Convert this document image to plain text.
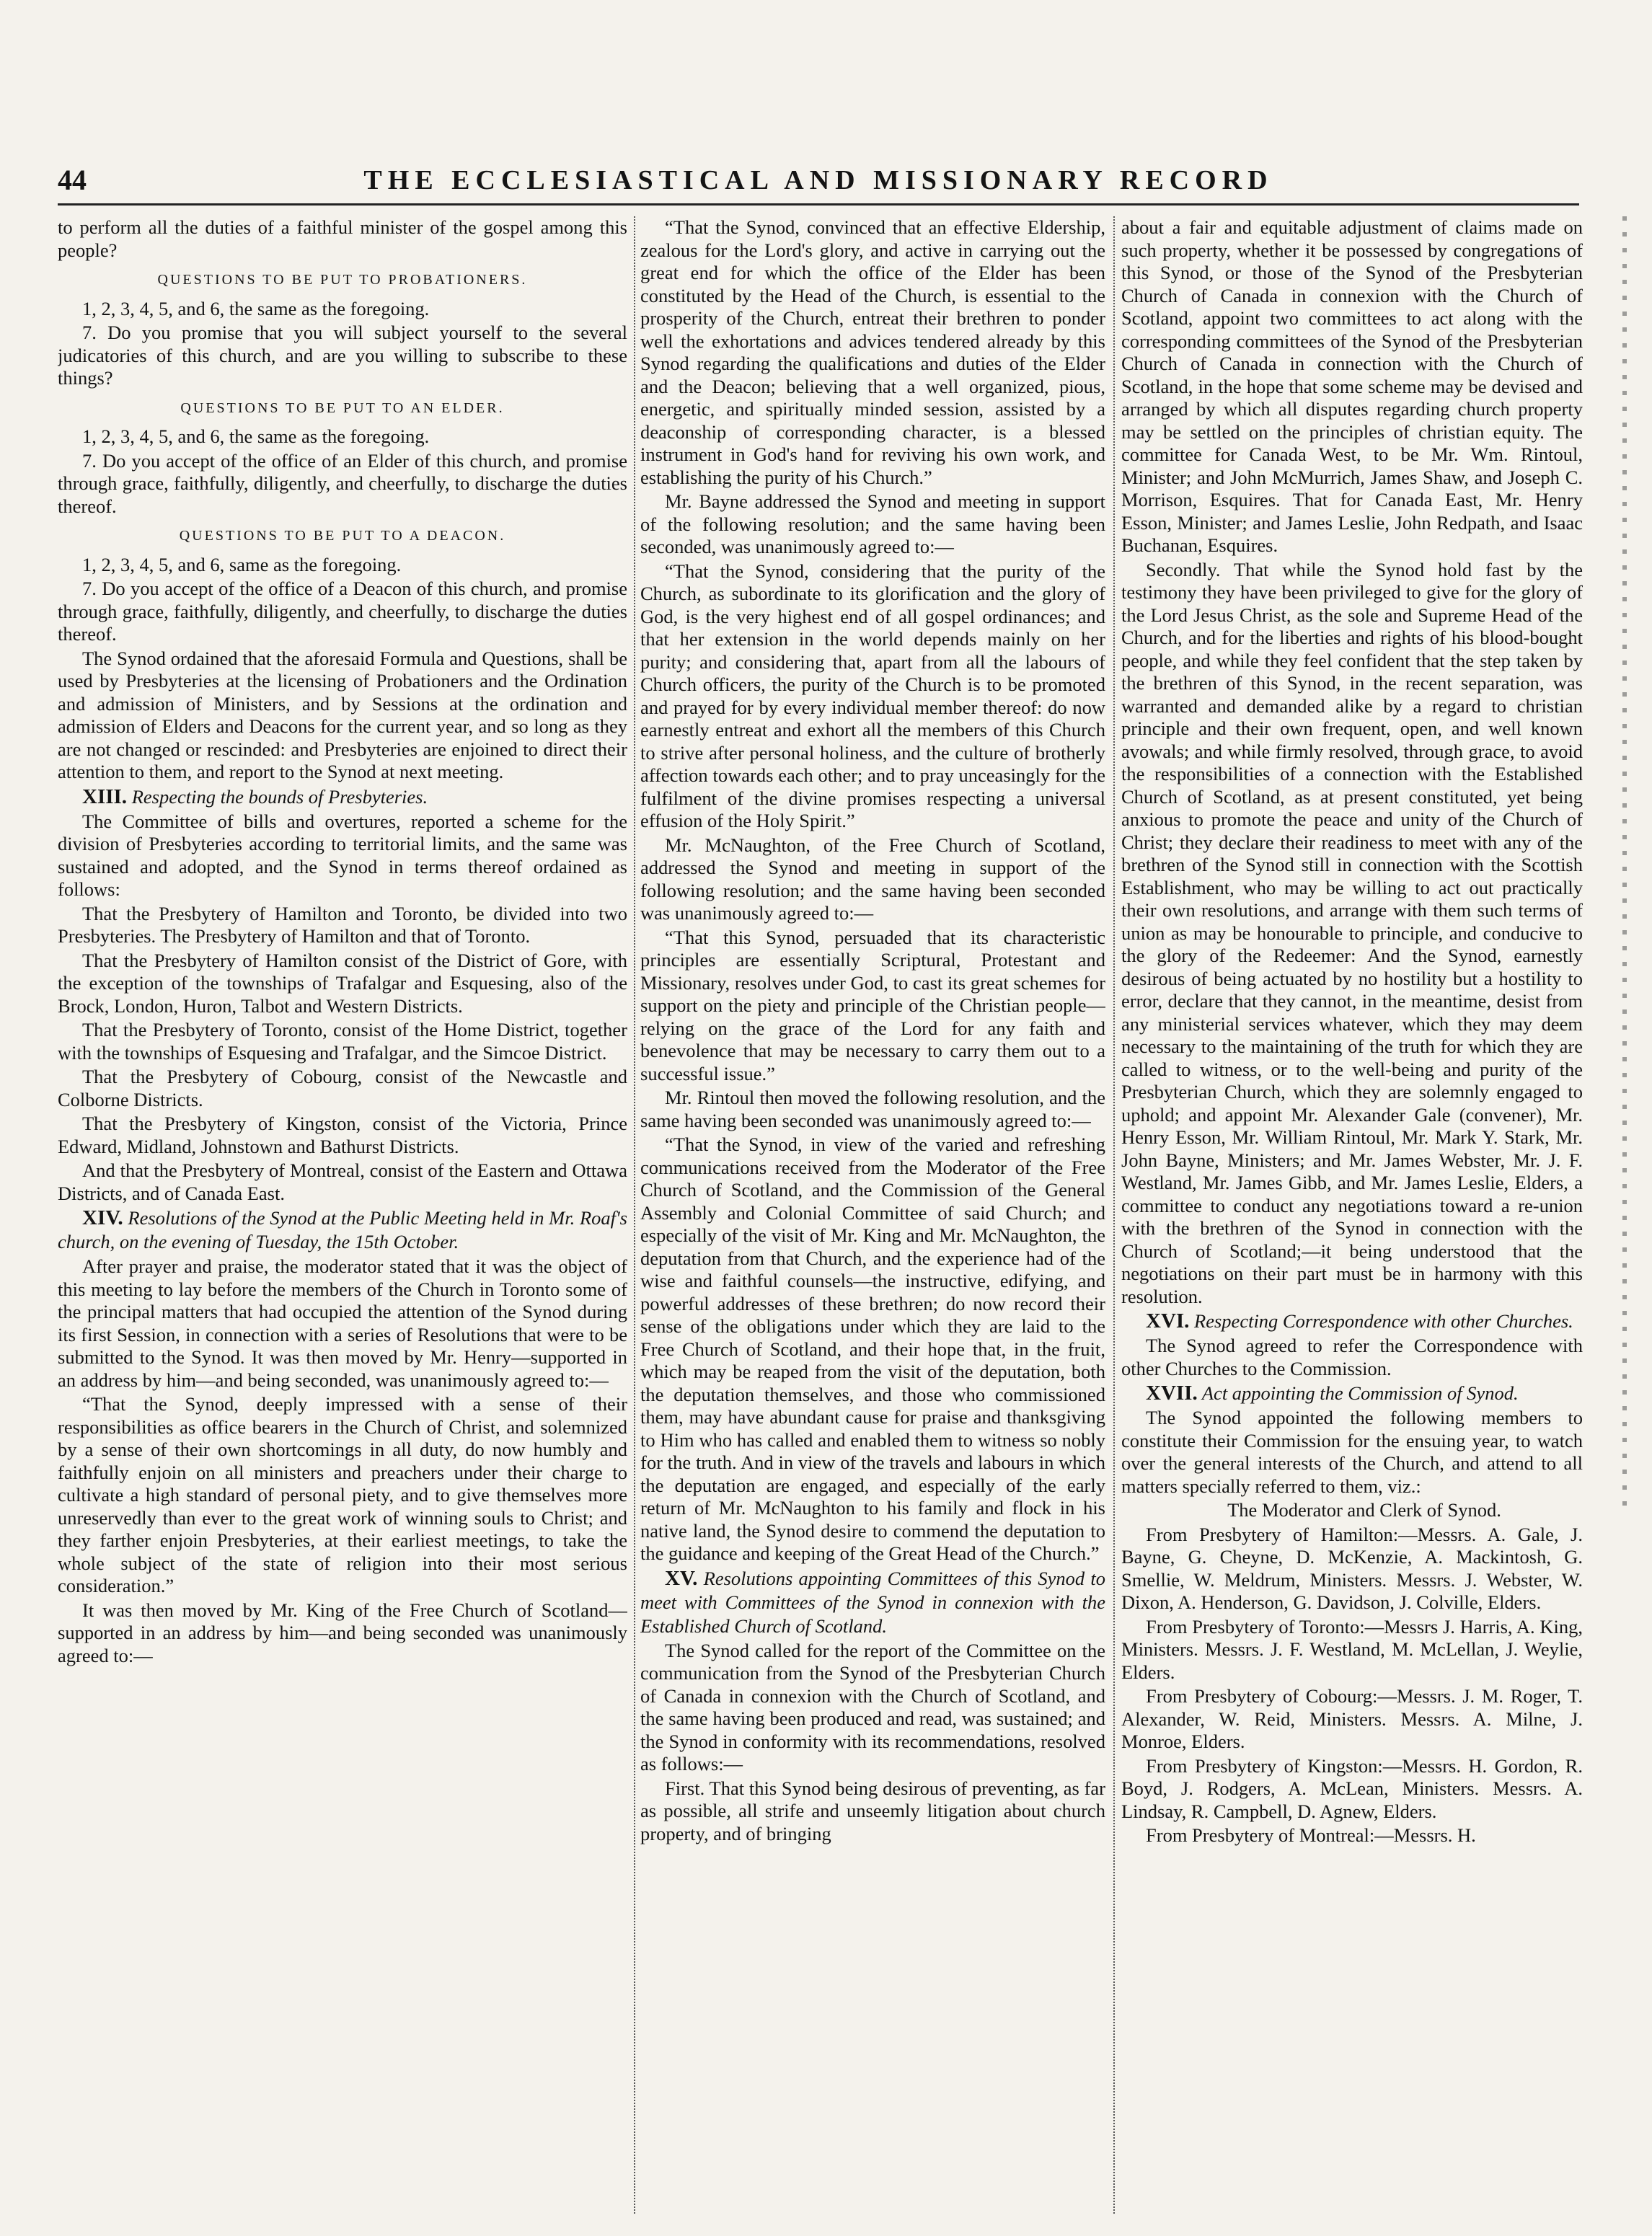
44	THE ECCLESIASTICAL AND MISSIONARY RECORD

to perform all the duties of a faithful minister of the gospel among this people?

QUESTIONS TO BE PUT TO PROBATIONERS.

1, 2, 3, 4, 5, and 6, the same as the foregoing.

7. Do you promise that you will subject yourself to the several judicatories of this church, and are you willing to subscribe to these things?

QUESTIONS TO BE PUT TO AN ELDER.

1, 2, 3, 4, 5, and 6, the same as the foregoing.

7. Do you accept of the office of an Elder of this church, and promise through grace, faithfully, diligently, and cheerfully, to discharge the duties thereof.

QUESTIONS TO BE PUT TO A DEACON.

1, 2, 3, 4, 5, and 6, same as the foregoing.

7. Do you accept of the office of a Deacon of this church, and promise through grace, faithfully, diligently, and cheerfully, to discharge the duties thereof.

The Synod ordained that the aforesaid Formula and Questions, shall be used by Presbyteries at the licensing of Probationers and the Ordination and admission of Ministers, and by Sessions at the ordination and admission of Elders and Deacons for the current year, and so long as they are not changed or rescinded: and Presbyteries are enjoined to direct their attention to them, and report to the Synod at next meeting.

XIII. Respecting the bounds of Presbyteries.

The Committee of bills and overtures, reported a scheme for the division of Presbyteries according to territorial limits, and the same was sustained and adopted, and the Synod in terms thereof ordained as follows:

That the Presbytery of Hamilton and Toronto, be divided into two Presbyteries. The Presbytery of Hamilton and that of Toronto.

That the Presbytery of Hamilton consist of the District of Gore, with the exception of the townships of Trafalgar and Esquesing, also of the Brock, London, Huron, Talbot and Western Districts.

That the Presbytery of Toronto, consist of the Home District, together with the townships of Esquesing and Trafalgar, and the Simcoe District.

That the Presbytery of Cobourg, consist of the Newcastle and Colborne Districts.

That the Presbytery of Kingston, consist of the Victoria, Prince Edward, Midland, Johnstown and Bathurst Districts.

And that the Presbytery of Montreal, consist of the Eastern and Ottawa Districts, and of Canada East.

XIV. Resolutions of the Synod at the Public Meeting held in Mr. Roaf's church, on the evening of Tuesday, the 15th October.

After prayer and praise, the moderator stated that it was the object of this meeting to lay before the members of the Church in Toronto some of the principal matters that had occupied the attention of the Synod during its first Session, in connection with a series of Resolutions that were to be submitted to the Synod. It was then moved by Mr. Henry—supported in an address by him—and being seconded, was unanimously agreed to:—

“That the Synod, deeply impressed with a sense of their responsibilities as office bearers in the Church of Christ, and solemnized by a sense of their own shortcomings in all duty, do now humbly and faithfully enjoin on all ministers and preachers under their charge to cultivate a high standard of personal piety, and to give themselves more unreservedly than ever to the great work of winning souls to Christ; and they farther enjoin Presbyteries, at their earliest meetings, to take the whole subject of the state of religion into their most serious consideration.”

It was then moved by Mr. King of the Free Church of Scotland—supported in an address by him—and being seconded was unanimously agreed to:—

“That the Synod, convinced that an effective Eldership, zealous for the Lord's glory, and active in carrying out the great end for which the office of the Elder has been constituted by the Head of the Church, is essential to the prosperity of the Church, entreat their brethren to ponder well the exhortations and advices tendered already by this Synod regarding the qualifications and duties of the Elder and the Deacon; believing that a well organized, pious, energetic, and spiritually minded session, assisted by a deaconship of corresponding character, is a blessed instrument in God's hand for reviving his own work, and establishing the purity of his Church.”

Mr. Bayne addressed the Synod and meeting in support of the following resolution; and the same having been seconded, was unanimously agreed to:—

“That the Synod, considering that the purity of the Church, as subordinate to its glorification and the glory of God, is the very highest end of all gospel ordinances; and that her extension in the world depends mainly on her purity; and considering that, apart from all the labours of Church officers, the purity of the Church is to be promoted and prayed for by every individual member thereof: do now earnestly entreat and exhort all the members of this Church to strive after personal holiness, and the culture of brotherly affection towards each other; and to pray unceasingly for the fulfilment of the divine promises respecting a universal effusion of the Holy Spirit.”

Mr. McNaughton, of the Free Church of Scotland, addressed the Synod and meeting in support of the following resolution; and the same having been seconded was unanimously agreed to:—

“That this Synod, persuaded that its characteristic principles are essentially Scriptural, Protestant and Missionary, resolves under God, to cast its great schemes for support on the piety and principle of the Christian people—relying on the grace of the Lord for any faith and benevolence that may be necessary to carry them out to a successful issue.”

Mr. Rintoul then moved the following resolution, and the same having been seconded was unanimously agreed to:—

“That the Synod, in view of the varied and refreshing communications received from the Moderator of the Free Church of Scotland, and the Commission of the General Assembly and Colonial Committee of said Church; and especially of the visit of Mr. King and Mr. McNaughton, the deputation from that Church, and the experience had of the wise and faithful counsels—the instructive, edifying, and powerful addresses of these brethren; do now record their sense of the obligations under which they are laid to the Free Church of Scotland, and their hope that, in the fruit, which may be reaped from the visit of the deputation, both the deputation themselves, and those who commissioned them, may have abundant cause for praise and thanksgiving to Him who has called and enabled them to witness so nobly for the truth. And in view of the travels and labours in which the deputation are engaged, and especially of the early return of Mr. McNaughton to his family and flock in his native land, the Synod desire to commend the deputation to the guidance and keeping of the Great Head of the Church.”

XV. Resolutions appointing Committees of this Synod to meet with Committees of the Synod in connexion with the Established Church of Scotland.

The Synod called for the report of the Committee on the communication from the Synod of the Presbyterian Church of Canada in connexion with the Church of Scotland, and the same having been produced and read, was sustained; and the Synod in conformity with its recommendations, resolved as follows:—

First. That this Synod being desirous of preventing, as far as possible, all strife and unseemly litigation about church property, and of bringing

about a fair and equitable adjustment of claims made on such property, whether it be possessed by congregations of this Synod, or those of the Synod of the Presbyterian Church of Canada in connexion with the Church of Scotland, appoint two committees to act along with the corresponding committees of the Synod of the Presbyterian Church of Canada in connection with the Church of Scotland, in the hope that some scheme may be devised and arranged by which all disputes regarding church property may be settled on the principles of christian equity. The committee for Canada West, to be Mr. Wm. Rintoul, Minister; and John McMurrich, James Shaw, and Joseph C. Morrison, Esquires. That for Canada East, Mr. Henry Esson, Minister; and James Leslie, John Redpath, and Isaac Buchanan, Esquires.

Secondly. That while the Synod hold fast by the testimony they have been privileged to give for the glory of the Lord Jesus Christ, as the sole and Supreme Head of the Church, and for the liberties and rights of his blood-bought people, and while they feel confident that the step taken by the brethren of this Synod, in the recent separation, was warranted and demanded alike by a regard to christian principle and their own frequent, open, and well known avowals; and while firmly resolved, through grace, to avoid the responsibilities of a connection with the Established Church of Scotland, as at present constituted, yet being anxious to promote the peace and unity of the Church of Christ; they declare their readiness to meet with any of the brethren of the Synod still in connection with the Scottish Establishment, who may be willing to act out practically their own resolutions, and arrange with them such terms of union as may be honourable to principle, and conducive to the glory of the Redeemer: And the Synod, earnestly desirous of being actuated by no hostility but a hostility to error, declare that they cannot, in the meantime, desist from any ministerial services whatever, which they may deem necessary to the maintaining of the truth for which they are called to witness, or to the well-being and purity of the Presbyterian Church, which they are solemnly engaged to uphold; and appoint Mr. Alexander Gale (convener), Mr. Henry Esson, Mr. William Rintoul, Mr. Mark Y. Stark, Mr. John Bayne, Ministers; and Mr. James Webster, Mr. J. F. Westland, Mr. James Gibb, and Mr. James Leslie, Elders, a committee to conduct any negotiations toward a re-union with the brethren of the Synod in connection with the Church of Scotland;—it being understood that the negotiations on their part must be in harmony with this resolution.

XVI. Respecting Correspondence with other Churches.

The Synod agreed to refer the Correspondence with other Churches to the Commission.

XVII. Act appointing the Commission of Synod.

The Synod appointed the following members to constitute their Commission for the ensuing year, to watch over the general interests of the Church, and attend to all matters specially referred to them, viz.:

The Moderator and Clerk of Synod.

From Presbytery of Hamilton:—Messrs. A. Gale, J. Bayne, G. Cheyne, D. McKenzie, A. Mackintosh, G. Smellie, W. Meldrum, Ministers. Messrs. J. Webster, W. Dixon, A. Henderson, G. Davidson, J. Colville, Elders.

From Presbytery of Toronto:—Messrs J. Harris, A. King, Ministers. Messrs. J. F. Westland, M. McLellan, J. Weylie, Elders.

From Presbytery of Cobourg:—Messrs. J. M. Roger, T. Alexander, W. Reid, Ministers. Messrs. A. Milne, J. Monroe, Elders.

From Presbytery of Kingston:—Messrs. H. Gordon, R. Boyd, J. Rodgers, A. McLean, Ministers. Messrs. A. Lindsay, R. Campbell, D. Agnew, Elders.

From Presbytery of Montreal:—Messrs. H.
